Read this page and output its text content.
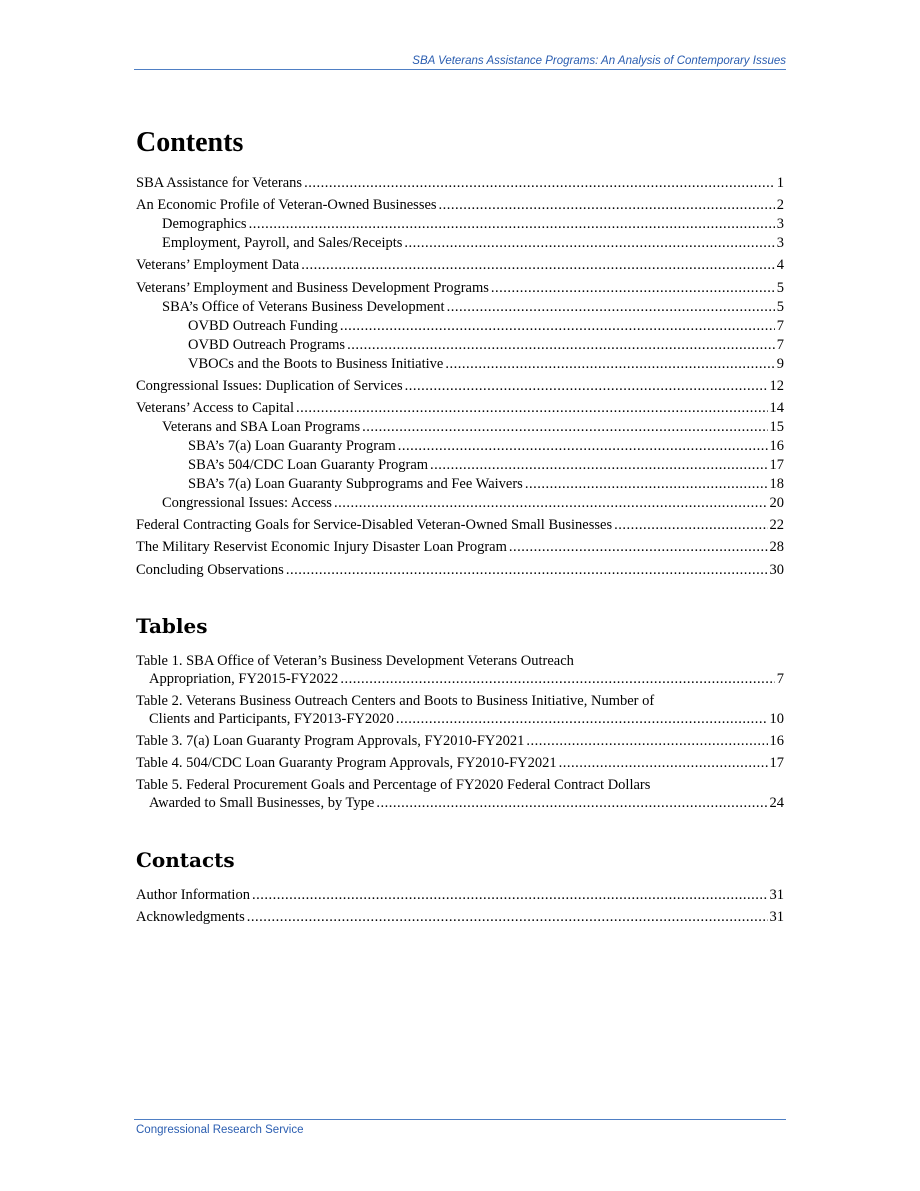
SBA Veterans Assistance Programs: An Analysis of Contemporary Issues
Contents
SBA Assistance for Veterans .....	1
An Economic Profile of Veteran-Owned Businesses .....	2
Demographics .....	3
Employment, Payroll, and Sales/Receipts .....	3
Veterans’ Employment Data .....	4
Veterans’ Employment and Business Development Programs .....	5
SBA’s Office of Veterans Business Development .....	5
OVBD Outreach Funding .....	7
OVBD Outreach Programs .....	7
VBOCs and the Boots to Business Initiative .....	9
Congressional Issues: Duplication of Services .....	12
Veterans’ Access to Capital .....	14
Veterans and SBA Loan Programs .....	15
SBA’s 7(a) Loan Guaranty Program .....	16
SBA’s 504/CDC Loan Guaranty Program .....	17
SBA’s 7(a) Loan Guaranty Subprograms and Fee Waivers .....	18
Congressional Issues: Access .....	20
Federal Contracting Goals for Service-Disabled Veteran-Owned Small Businesses .....	22
The Military Reservist Economic Injury Disaster Loan Program .....	28
Concluding Observations .....	30
Tables
Table 1. SBA Office of Veteran’s Business Development Veterans Outreach
Appropriation, FY2015-FY2022 .....	7
Table 2. Veterans Business Outreach Centers and Boots to Business Initiative, Number of
Clients and Participants, FY2013-FY2020 .....	10
Table 3. 7(a) Loan Guaranty Program Approvals, FY2010-FY2021 .....	16
Table 4. 504/CDC Loan Guaranty Program Approvals, FY2010-FY2021 .....	17
Table 5. Federal Procurement Goals and Percentage of FY2020 Federal Contract Dollars
Awarded to Small Businesses, by Type .....	24
Contacts
Author Information .....	31
Acknowledgments .....	31
Congressional Research Service
